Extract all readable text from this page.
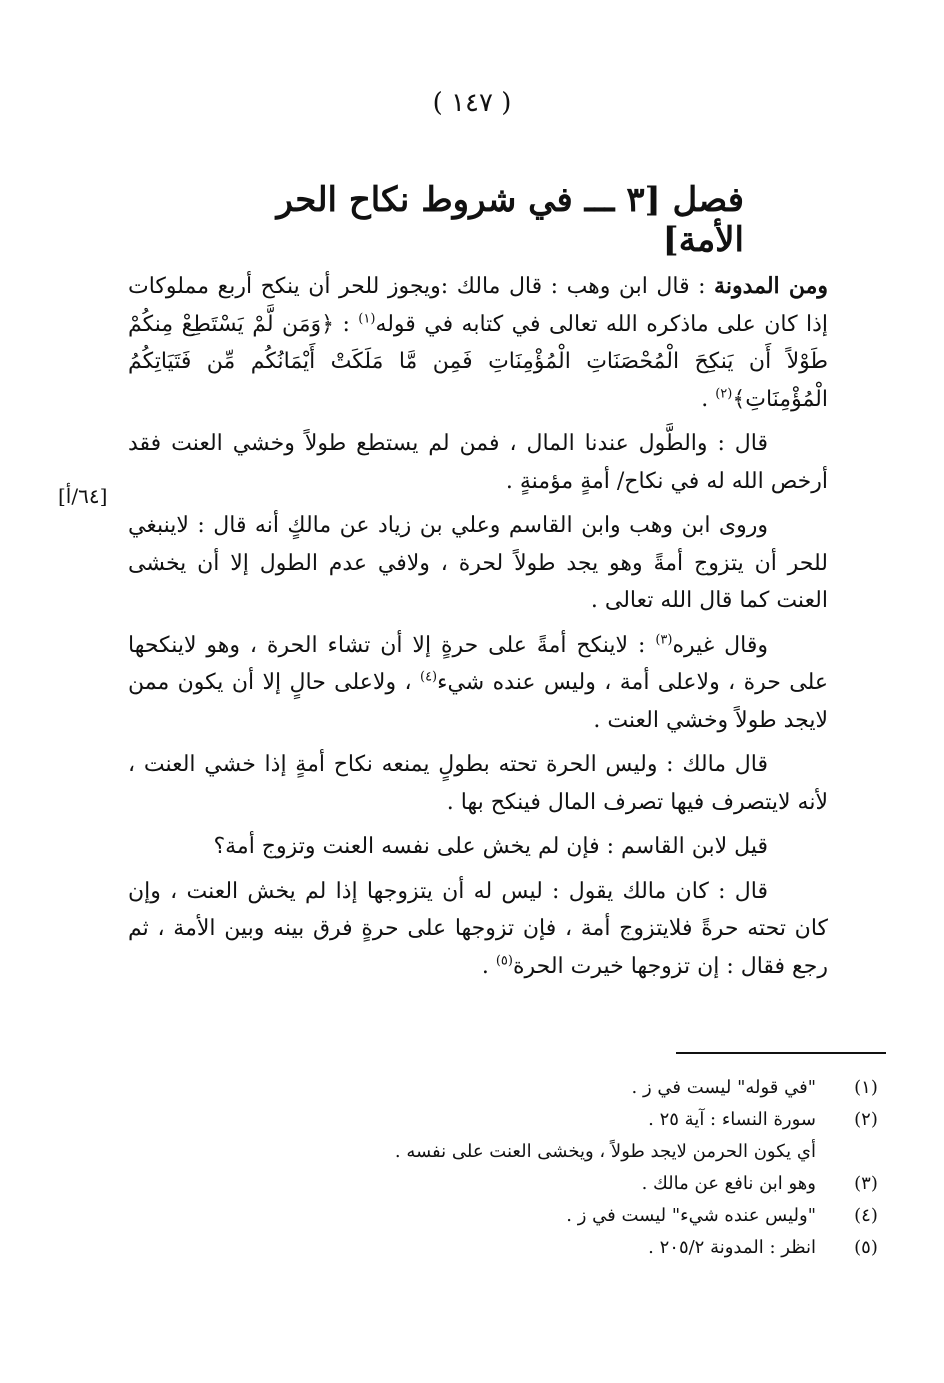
( ١٤٧ )
فصل [٣ ـــ في شروط نكاح الحر الأمة]
[٦٤/أ]

ومن المدونة : قال ابن وهب : قال مالك :ويجوز للحر أن ينكح أربع مملوكات إذا كان على ماذكره الله تعالى في كتابه في قوله$^{(١)}$ : ﴿وَمَن لَّمْ يَسْتَطِعْ مِنكُمْ طَوْلاً أَن يَنكِحَ الْمُحْصَنَاتِ الْمُؤْمِنَاتِ فَمِن مَّا مَلَكَتْ أَيْمَانُكُم مِّن فَتَيَاتِكُمُ الْمُؤْمِنَاتِ﴾$^{(٢)}$ .

قال : والطَّول عندنا المال ، فمن لم يستطع طولاً وخشي العنت فقد أرخص الله له في نكاح/ أمةٍ مؤمنةٍ .

وروى ابن وهب وابن القاسم وعلي بن زياد عن مالكٍ أنه قال : لاينبغي للحر أن يتزوج أمةً وهو يجد طولاً لحرة ، ولافي عدم الطول إلا أن يخشى العنت كما قال الله تعالى .

وقال غيره$^{(٣)}$ : لاينكح أمةً على حرةٍ إلا أن تشاء الحرة ، وهو لاينكحها على حرة ، ولاعلى أمة ، وليس عنده شيء$^{(٤)}$ ، ولاعلى حالٍ إلا أن يكون ممن لايجد طولاً وخشي العنت .

قال مالك : وليس الحرة تحته بطولٍ يمنعه نكاح أمةٍ إذا خشي العنت ، لأنه لايتصرف فيها تصرف المال فينكح بها .

قيل لابن القاسم : فإن لم يخش على نفسه العنت وتزوج أمة؟

قال : كان مالك يقول : ليس له أن يتزوجها إذا لم يخش العنت ، وإن كان تحته حرةً فلايتزوج أمة ، فإن تزوجها على حرةٍ فرق بينه وبين الأمة ، ثم رجع فقال : إن تزوجها خيرت الحرة$^{(٥)}$ .

(١)
"في قوله" ليست في ز .
(٢)
سورة النساء : آية ٢٥ .
أي يكون الحرمن لايجد طولاً ، ويخشى العنت على نفسه .
(٣)
وهو ابن نافع عن مالك .
(٤)
"وليس عنده شيء" ليست في ز .
(٥)
انظر : المدونة ٢٠٥/٢ .
